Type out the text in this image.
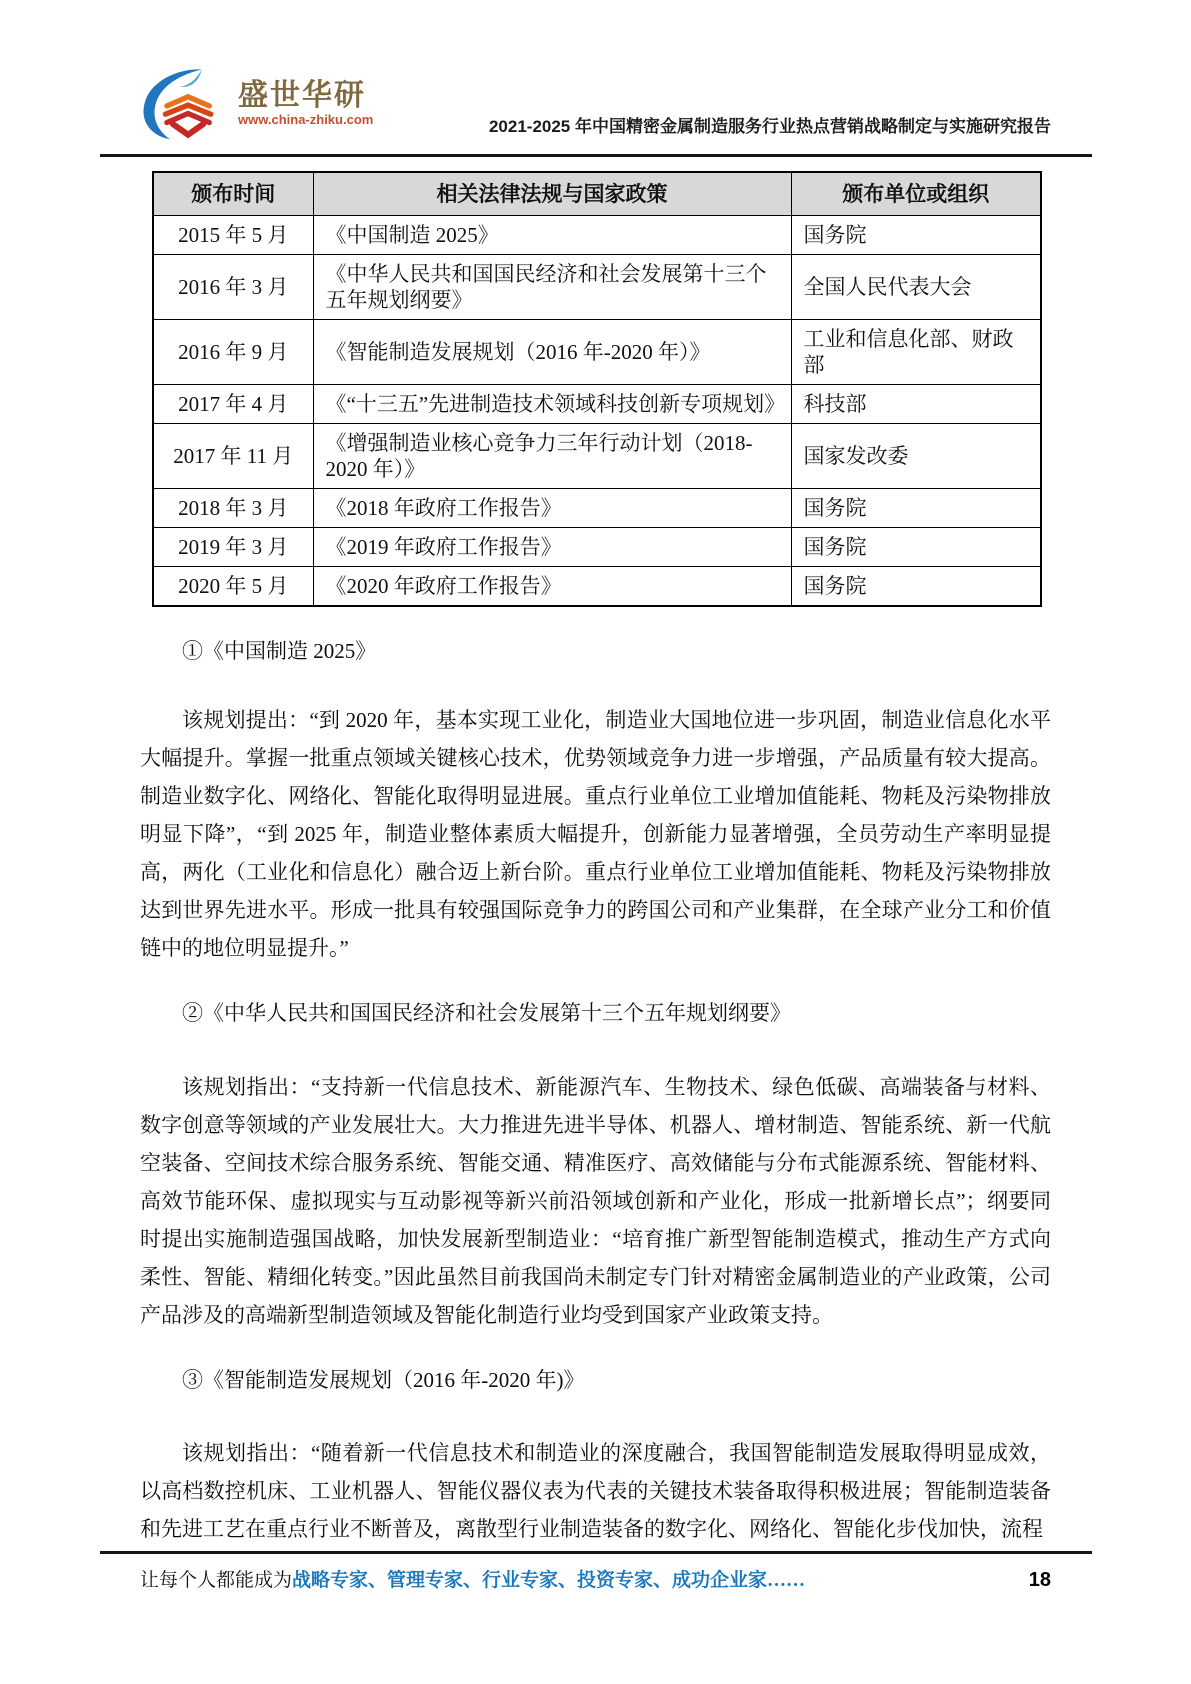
盛世华研
www.china-zhiku.com	2021-2025 年中国精密金属制造服务行业热点营销战略制定与实施研究报告
颁布时间	相关法律法规与国家政策	颁布单位或组织
2015 年 5 月	《中国制造 2025》	国务院
2016 年 3 月	《中华人民共和国国民经济和社会发展第十三个五年规划纲要》	全国人民代表大会
2016 年 9 月	《智能制造发展规划（2016 年-2020 年）》	工业和信息化部、财政部
2017 年 4 月	《“十三五”先进制造技术领域科技创新专项规划》	科技部
2017 年 11 月	《增强制造业核心竞争力三年行动计划（2018-2020 年）》	国家发改委
2018 年 3 月	《2018 年政府工作报告》	国务院
2019 年 3 月	《2019 年政府工作报告》	国务院
2020 年 5 月	《2020 年政府工作报告》	国务院
①《中国制造 2025》
该规划提出：“到 2020 年，基本实现工业化，制造业大国地位进一步巩固，制造业信息化水平大幅提升。掌握一批重点领域关键核心技术，优势领域竞争力进一步增强，产品质量有较大提高。制造业数字化、网络化、智能化取得明显进展。重点行业单位工业增加值能耗、物耗及污染物排放明显下降”，“到 2025 年，制造业整体素质大幅提升，创新能力显著增强，全员劳动生产率明显提高，两化（工业化和信息化）融合迈上新台阶。重点行业单位工业增加值能耗、物耗及污染物排放达到世界先进水平。形成一批具有较强国际竞争力的跨国公司和产业集群，在全球产业分工和价值链中的地位明显提升。”
②《中华人民共和国国民经济和社会发展第十三个五年规划纲要》
该规划指出：“支持新一代信息技术、新能源汽车、生物技术、绿色低碳、高端装备与材料、数字创意等领域的产业发展壮大。大力推进先进半导体、机器人、增材制造、智能系统、新一代航空装备、空间技术综合服务系统、智能交通、精准医疗、高效储能与分布式能源系统、智能材料、高效节能环保、虚拟现实与互动影视等新兴前沿领域创新和产业化，形成一批新增长点”；纲要同时提出实施制造强国战略，加快发展新型制造业：“培育推广新型智能制造模式，推动生产方式向柔性、智能、精细化转变。”因此虽然目前我国尚未制定专门针对精密金属制造业的产业政策，公司产品涉及的高端新型制造领域及智能化制造行业均受到国家产业政策支持。
③《智能制造发展规划（2016 年-2020 年)》
该规划指出：“随着新一代信息技术和制造业的深度融合，我国智能制造发展取得明显成效，以高档数控机床、工业机器人、智能仪器仪表为代表的关键技术装备取得积极进展；智能制造装备和先进工艺在重点行业不断普及，离散型行业制造装备的数字化、网络化、智能化步伐加快，流程
让每个人都能成为战略专家、管理专家、行业专家、投资专家、成功企业家……	18
